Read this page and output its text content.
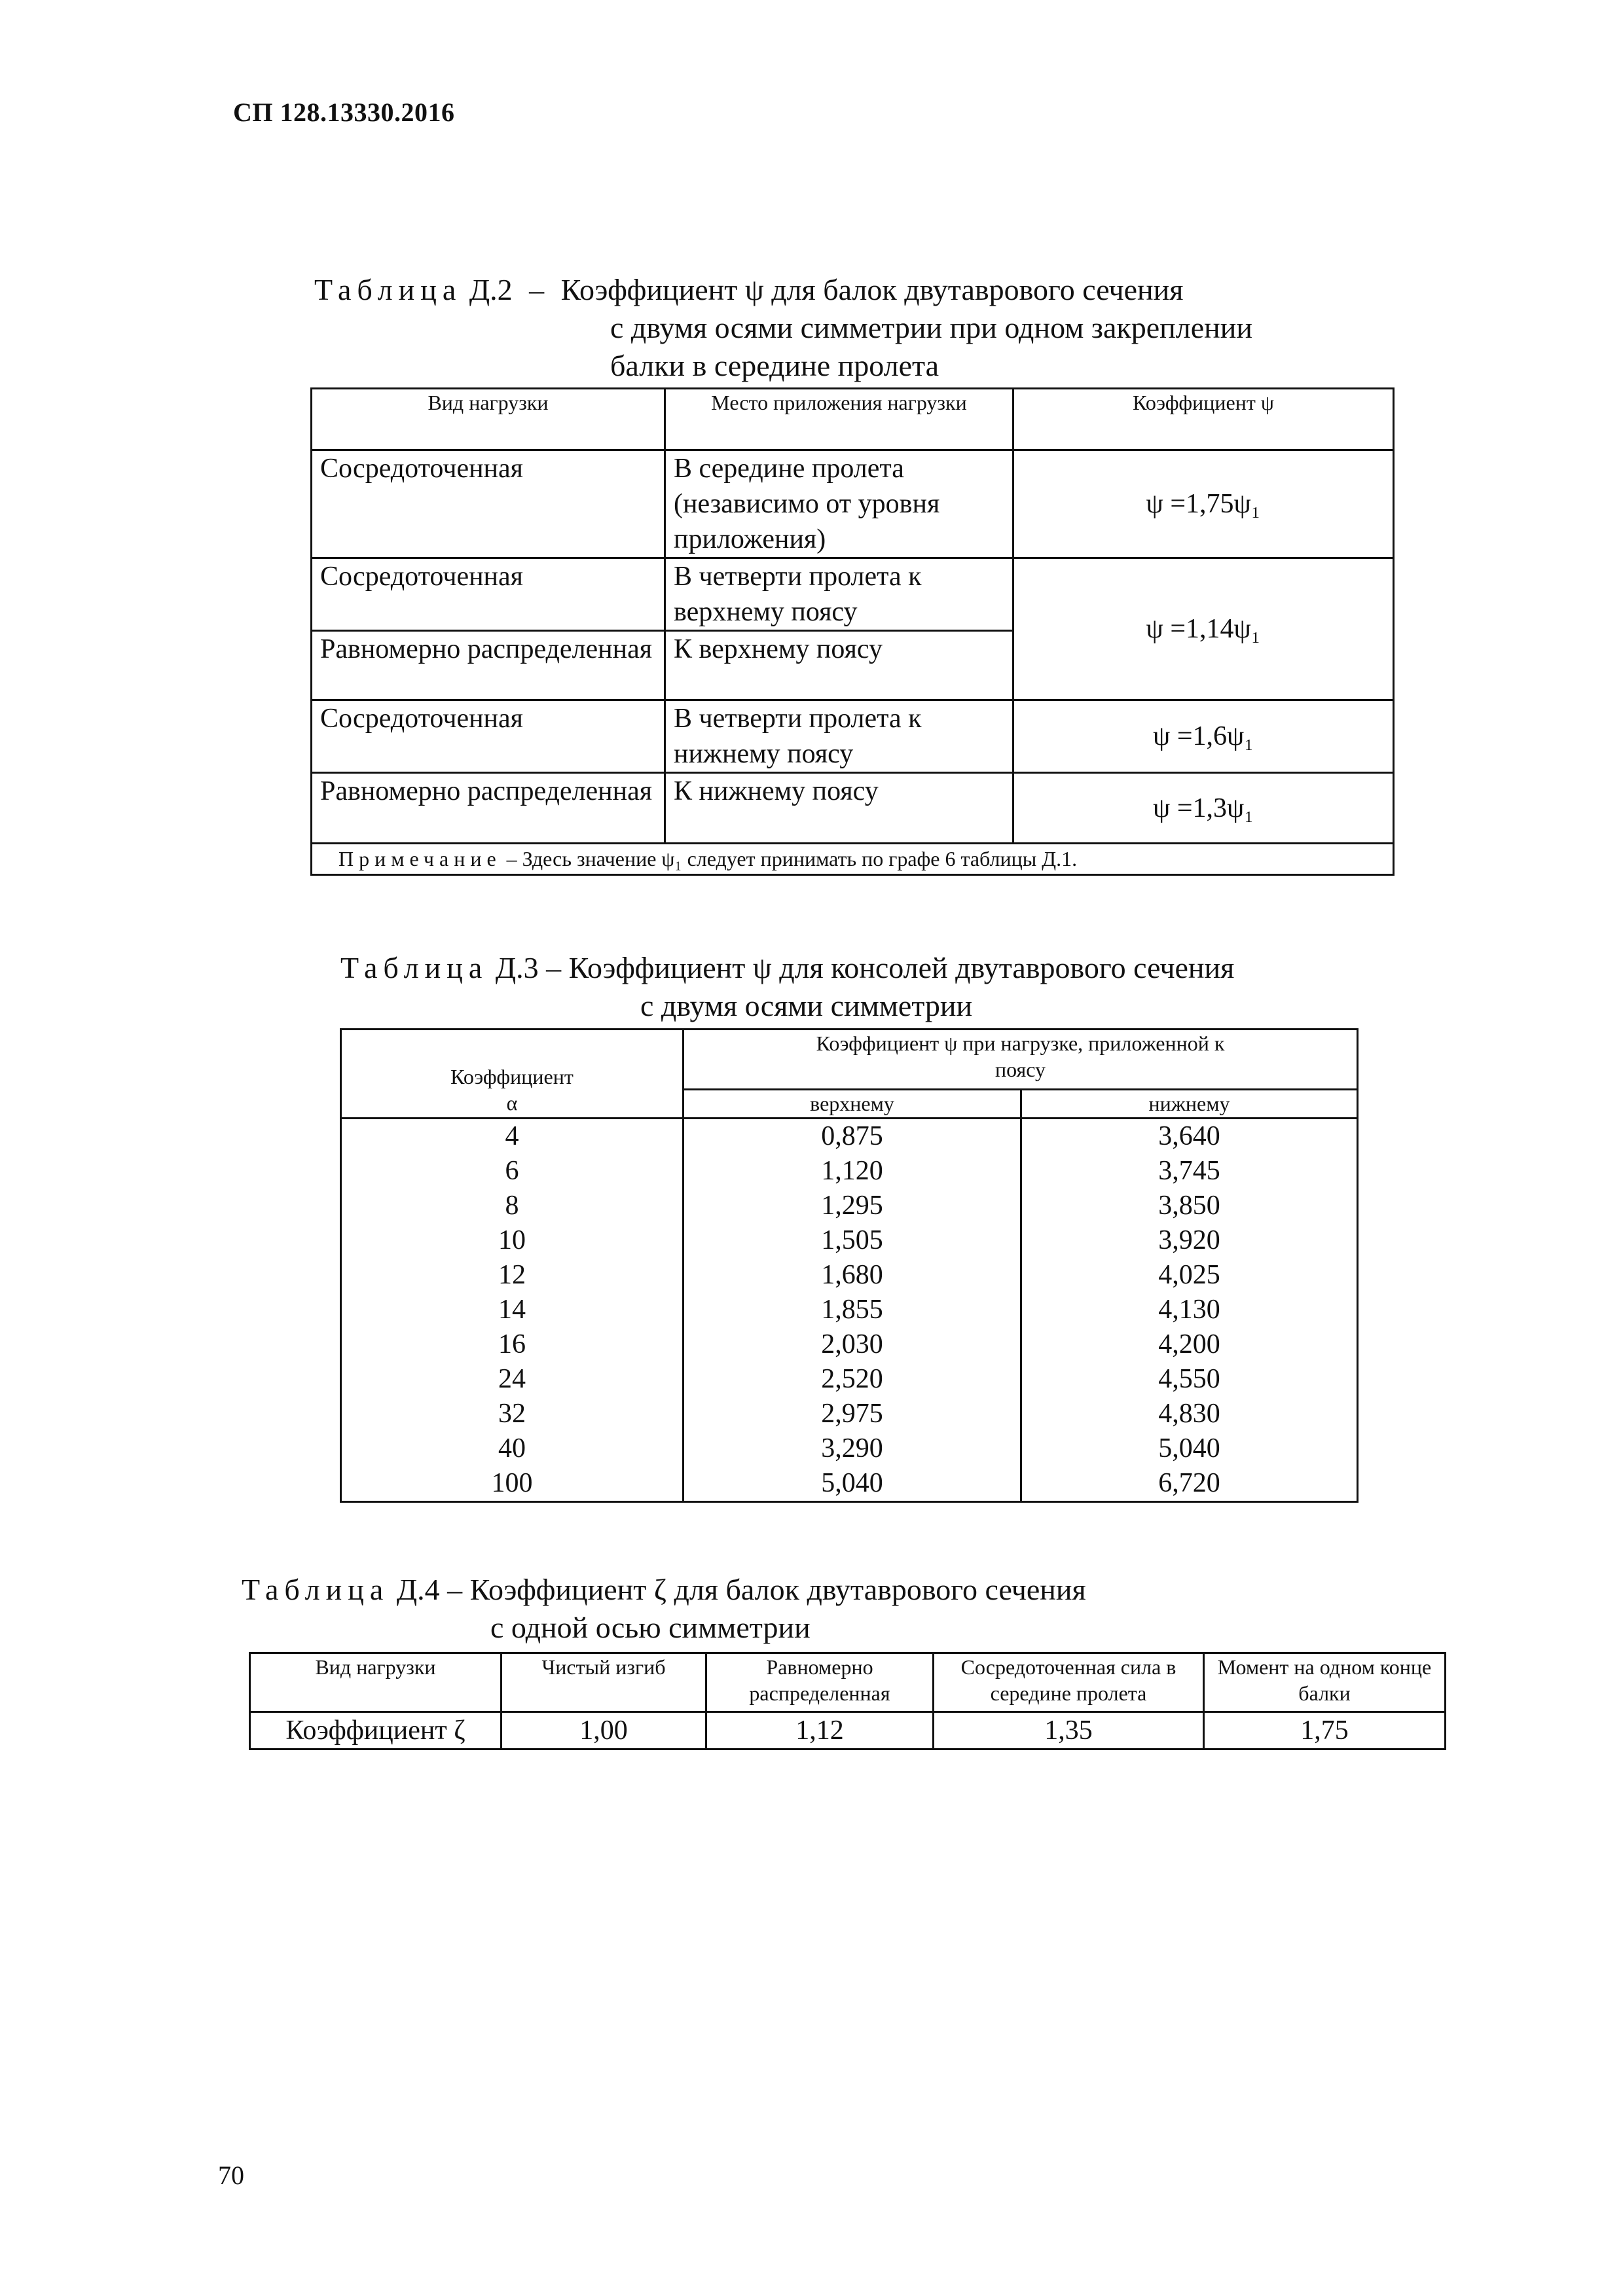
СП 128.13330.2016
Таблица Д.2 – Коэффициент ψ для балок двутаврового сечения
с двумя осями симметрии при одном закреплении
балки в середине пролета
Вид нагрузки	Место приложения нагрузки	Коэффициент ψ
Сосредоточенная	В середине пролета (независимо от уровня приложения)	ψ =1,75ψ₁
Сосредоточенная	В четверти пролета к верхнему поясу	ψ =1,14ψ₁
Равномерно распределенная	К верхнему поясу	
Сосредоточенная	В четверти пролета к нижнему поясу	ψ =1,6ψ₁
Равномерно распределенная	К нижнему поясу	ψ =1,3ψ₁
Примечание – Здесь значение ψ₁ следует принимать по графе 6 таблицы Д.1.		
Таблица Д.3 – Коэффициент ψ для консолей двутаврового сечения
с двумя осями симметрии
Коэффициент
α	Коэффициент ψ при нагрузке, приложенной к поясу	
	верхнему	нижнему
4	0,875	3,640
6	1,120	3,745
8	1,295	3,850
10	1,505	3,920
12	1,680	4,025
14	1,855	4,130
16	2,030	4,200
24	2,520	4,550
32	2,975	4,830
40	3,290	5,040
100	5,040	6,720
Таблица Д.4 – Коэффициент ζ для балок двутаврового сечения
с одной осью симметрии
Вид нагрузки	Чистый изгиб	Равномерно распределенная	Сосредоточенная сила в середине пролета	Момент на одном конце балки
Коэффициент ζ	1,00	1,12	1,35	1,75
70
